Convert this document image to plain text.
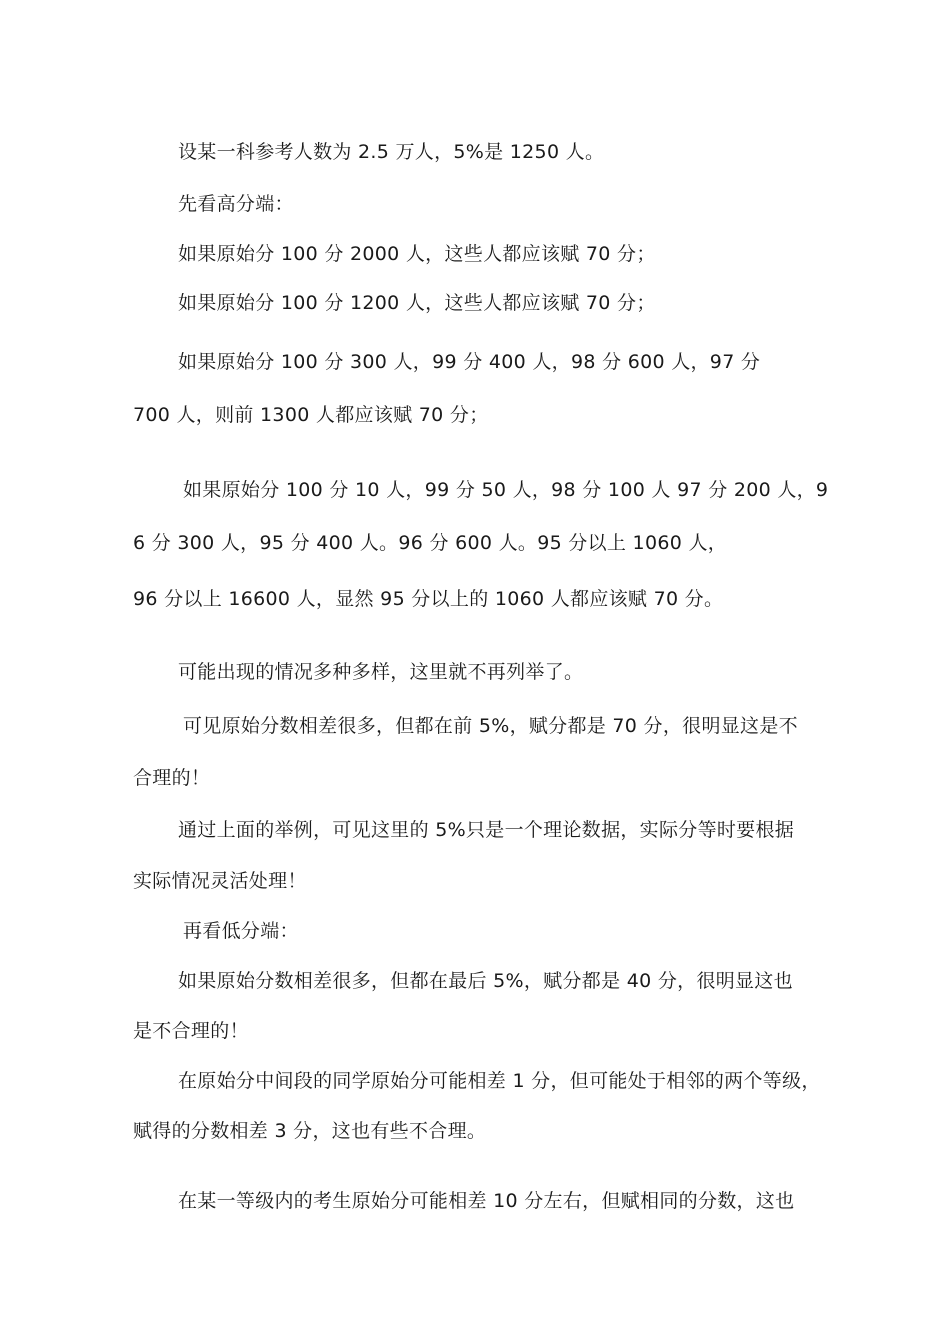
设某一科参考人数为 2.5 万人，5%是 1250 人。
先看高分端：
如果原始分 100 分 2000 人，这些人都应该赋 70 分；
如果原始分 100 分 1200 人，这些人都应该赋 70 分；
如果原始分 100 分 300 人，99 分 400 人，98 分 600 人，97 分
700 人，则前 1300 人都应该赋 70 分；
如果原始分 100 分 10 人，99 分 50 人，98 分 100 人 97 分 200 人，9
6 分 300 人，95 分 400 人。96 分 600 人。95 分以上 1060 人，
96 分以上 16600 人，显然 95 分以上的 1060 人都应该赋 70 分。
可能出现的情况多种多样，这里就不再列举了。
可见原始分数相差很多，但都在前 5%，赋分都是 70 分，很明显这是不
合理的！
通过上面的举例，可见这里的 5%只是一个理论数据，实际分等时要根据
实际情况灵活处理！
再看低分端：
如果原始分数相差很多，但都在最后 5%，赋分都是 40 分，很明显这也
是不合理的！
在原始分中间段的同学原始分可能相差 1 分，但可能处于相邻的两个等级，
赋得的分数相差 3 分，这也有些不合理。
在某一等级内的考生原始分可能相差 10 分左右，但赋相同的分数，这也
